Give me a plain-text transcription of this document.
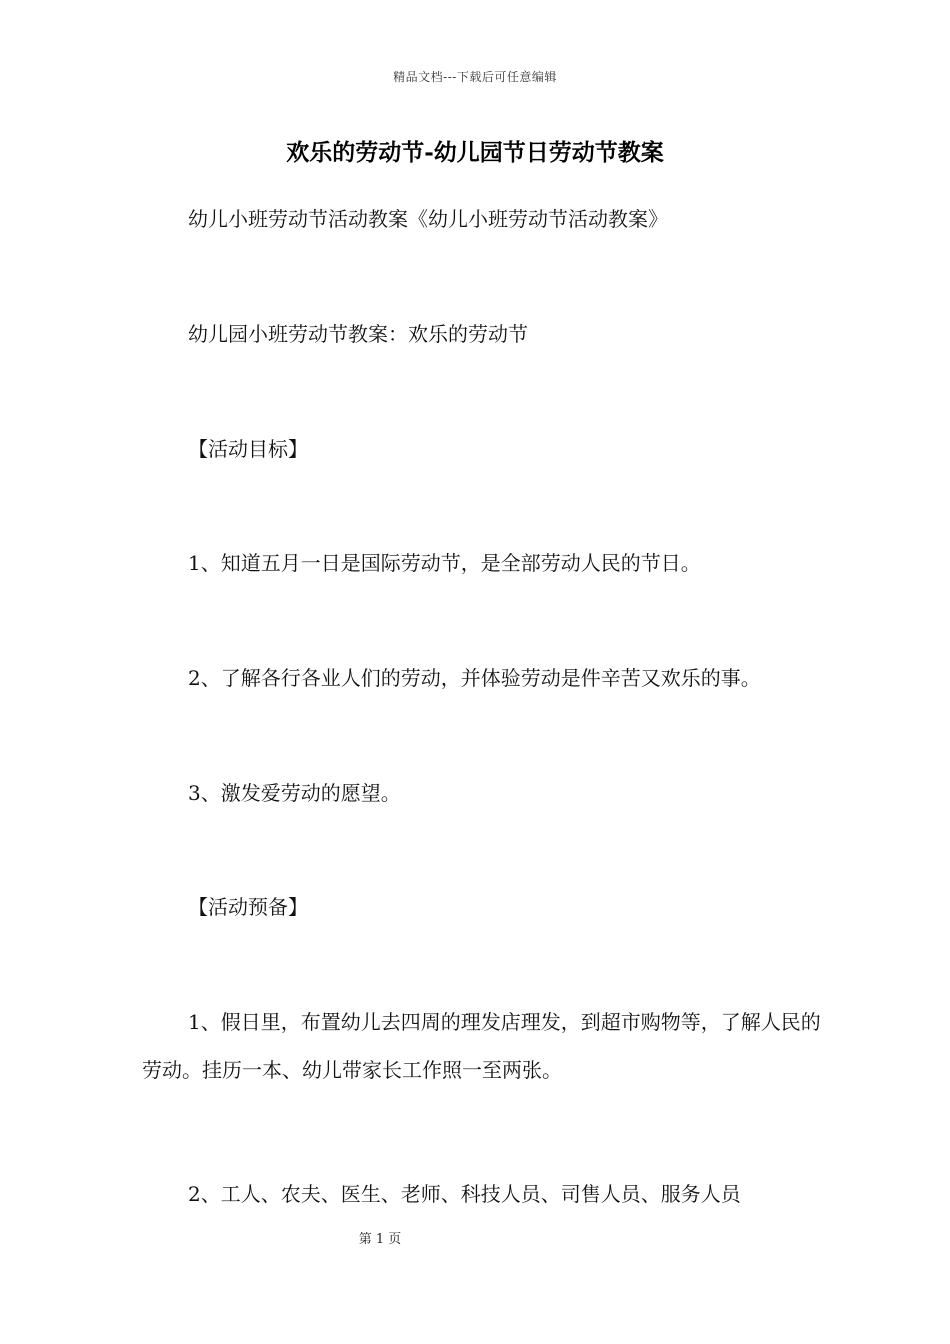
精品文档---下载后可任意编辑
欢乐的劳动节-幼儿园节日劳动节教案

幼儿小班劳动节活动教案《幼儿小班劳动节活动教案》

幼儿园小班劳动节教案：欢乐的劳动节

【活动目标】

1、知道五月一日是国际劳动节，是全部劳动人民的节日。

2、了解各行各业人们的劳动，并体验劳动是件辛苦又欢乐的事。

3、激发爱劳动的愿望。

【活动预备】

1、假日里，布置幼儿去四周的理发店理发，到超市购物等，了解人民的劳动。挂历一本、幼儿带家长工作照一至两张。

2、工人、农夫、医生、老师、科技人员、司售人员、服务人员

第 1 页
